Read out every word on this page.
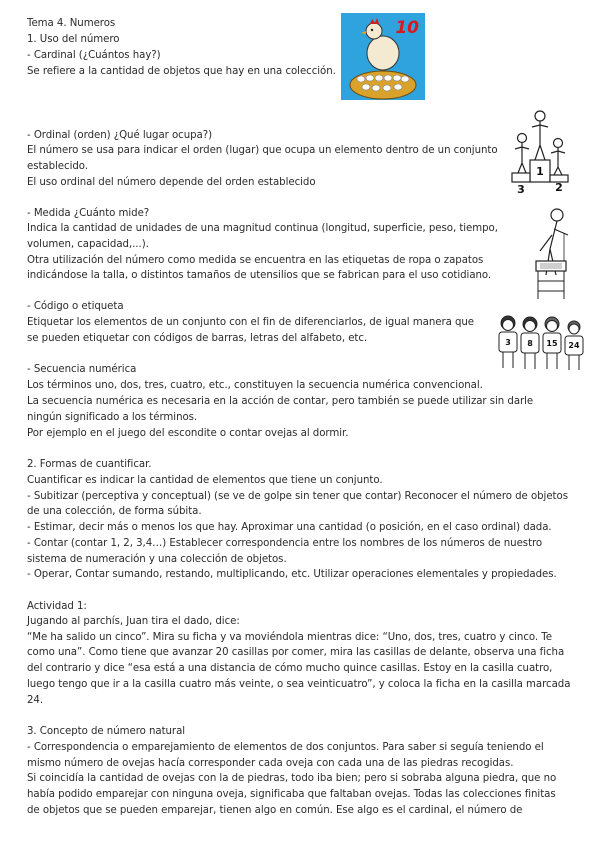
Tema 4. Numeros
1. Uso del número
- Cardinal (¿Cuántos hay?)
Se refiere a la cantidad de objetos que hay en una colección.
- Ordinal (orden) ¿Qué lugar ocupa?)
El número se usa para indicar el orden (lugar) que ocupa un elemento dentro de un conjunto
establecido.
El uso ordinal del número depende del orden establecido
- Medida ¿Cuánto mide?
Indica la cantidad de unidades de una magnitud continua (longitud, superficie, peso, tiempo,
volumen, capacidad,...).
Otra utilización del número como medida se encuentra en las etiquetas de ropa o zapatos
indicándose la talla, o distintos tamaños de utensilios que se fabrican para el uso cotidiano.
- Código o etiqueta
Etiquetar los elementos de un conjunto con el fin de diferenciarlos, de igual manera que
se pueden etiquetar con códigos de barras, letras del alfabeto, etc.
- Secuencia numérica
Los términos uno, dos, tres, cuatro, etc., constituyen la secuencia numérica convencional.
La secuencia numérica es necesaria en la acción de contar, pero también se puede utilizar sin darle
ningún significado a los términos.
Por ejemplo en el juego del escondite o contar ovejas al dormir.
2. Formas de cuantificar.
Cuantificar es indicar la cantidad de elementos que tiene un conjunto.
- Subitizar (perceptiva y conceptual) (se ve de golpe sin tener que contar) Reconocer el número de objetos
de una colección, de forma súbita.
- Estimar, decir más o menos los que hay. Aproximar una cantidad (o posición, en el caso ordinal) dada.
- Contar (contar 1, 2, 3,4…) Establecer correspondencia entre los nombres de los números de nuestro
sistema de numeración y una colección de objetos.
- Operar, Contar sumando, restando, multiplicando, etc. Utilizar operaciones elementales y propiedades.
Actividad 1:
Jugando al parchís, Juan tira el dado, dice:
“Me ha salido un cinco”. Mira su ficha y va moviéndola mientras dice: “Uno, dos, tres, cuatro y cinco. Te
como una”. Como tiene que avanzar 20 casillas por comer, mira las casillas de delante, observa una ficha
del contrario y dice “esa está a una distancia de cómo mucho quince casillas. Estoy en la casilla cuatro,
luego tengo que ir a la casilla cuatro más veinte, o sea veinticuatro”, y coloca la ficha en la casilla marcada
24.
3. Concepto de número natural
- Correspondencia o emparejamiento de elementos de dos conjuntos. Para saber si seguía teniendo el
mismo número de ovejas hacía corresponder cada oveja con cada una de las piedras recogidas.
Si coincidía la cantidad de ovejas con la de piedras, todo iba bien; pero si sobraba alguna piedra, que no
había podido emparejar con ninguna oveja, significaba que faltaban ovejas. Todas las colecciones finitas
de objetos que se pueden emparejar, tienen algo en común. Ese algo es el cardinal, el número de
10
1
2
3
3 8 15 24
